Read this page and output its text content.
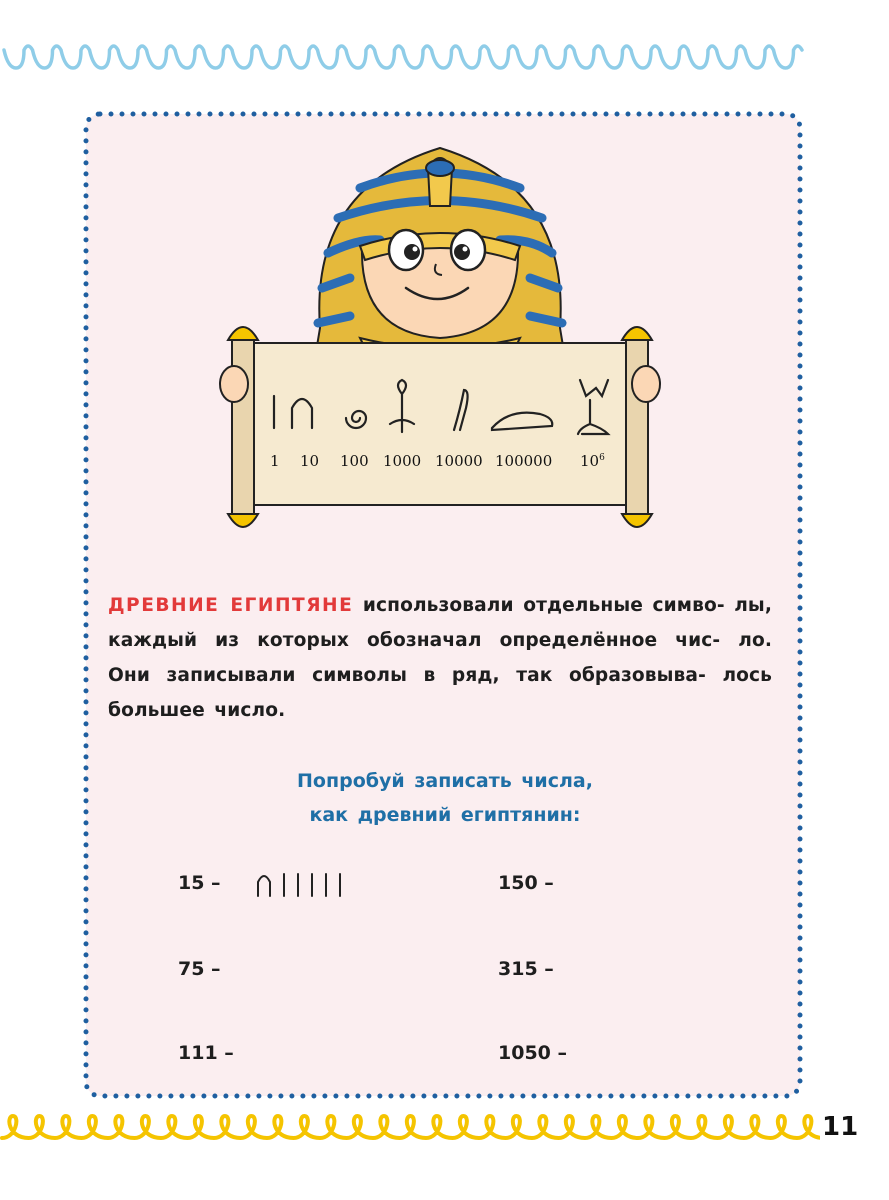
1 10 100 1000 10000 100000 $10^6$
ДРЕВНИЕ ЕГИПТЯНЕ использовали отдельные симво- лы, каждый из которых обозначал определённое чис- ло. Они записывали символы в ряд, так образовыва- лось большее число.
Попробуй записать числа,
как древний египтянин:
15 –
75 –
111 –
150 –
315 –
1050 –
11
